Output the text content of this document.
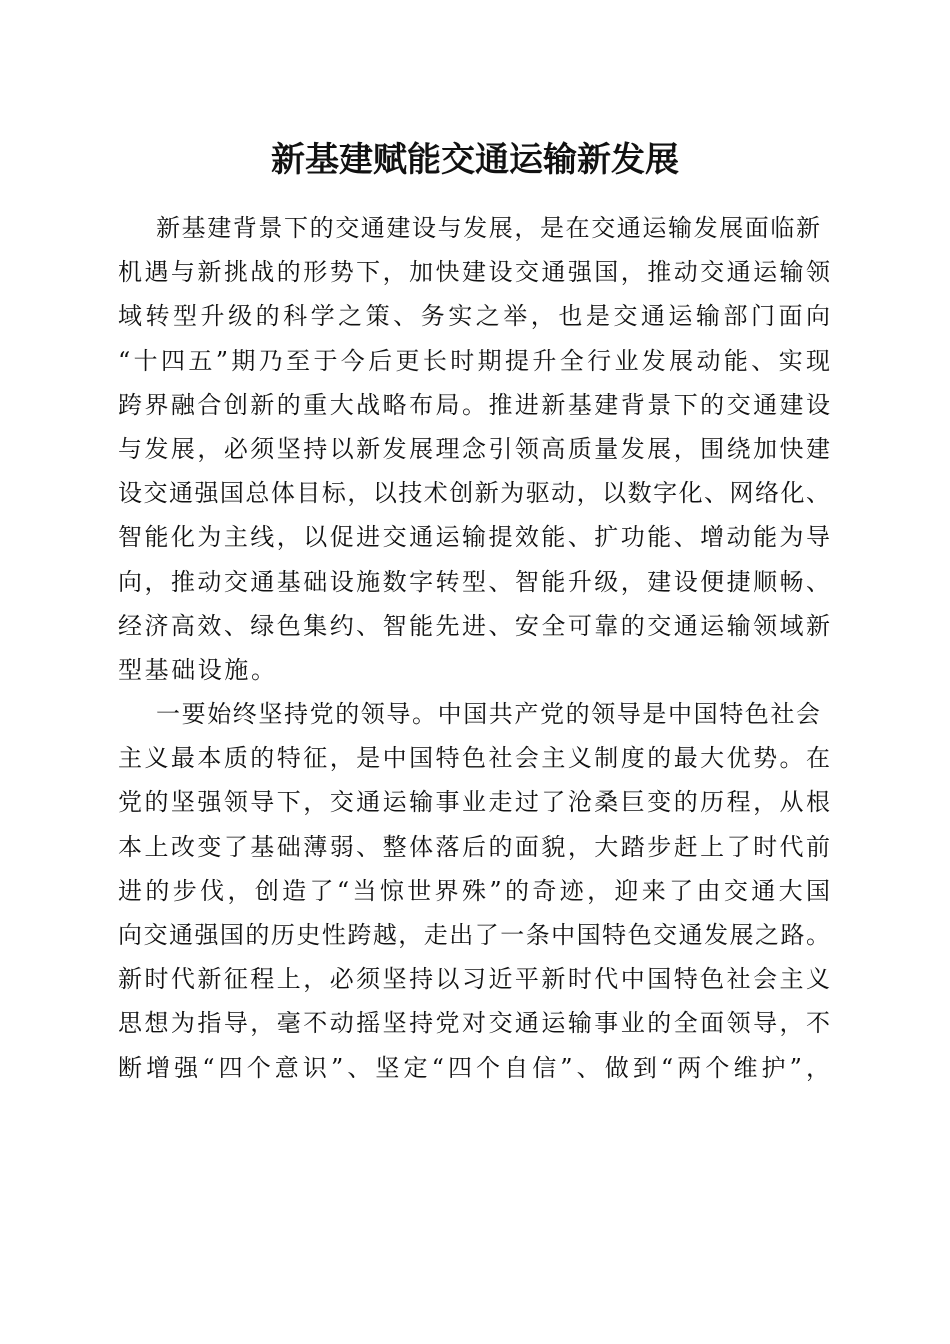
新基建赋能交通运输新发展
新基建背景下的交通建设与发展，是在交通运输发展面临新
机遇与新挑战的形势下，加快建设交通强国，推动交通运输领
域转型升级的科学之策、务实之举，也是交通运输部门面向
“十四五”期乃至于今后更长时期提升全行业发展动能、实现
跨界融合创新的重大战略布局。推进新基建背景下的交通建设
与发展，必须坚持以新发展理念引领高质量发展，围绕加快建
设交通强国总体目标，以技术创新为驱动，以数字化、网络化、
智能化为主线，以促进交通运输提效能、扩功能、增动能为导
向，推动交通基础设施数字转型、智能升级，建设便捷顺畅、
经济高效、绿色集约、智能先进、安全可靠的交通运输领域新
型基础设施。
一要始终坚持党的领导。中国共产党的领导是中国特色社会
主义最本质的特征，是中国特色社会主义制度的最大优势。在
党的坚强领导下，交通运输事业走过了沧桑巨变的历程，从根
本上改变了基础薄弱、整体落后的面貌，大踏步赶上了时代前
进的步伐，创造了“当惊世界殊”的奇迹，迎来了由交通大国
向交通强国的历史性跨越，走出了一条中国特色交通发展之路。
新时代新征程上，必须坚持以习近平新时代中国特色社会主义
思想为指导，毫不动摇坚持党对交通运输事业的全面领导，不
断增强“四个意识”、坚定“四个自信”、做到“两个维护”，
